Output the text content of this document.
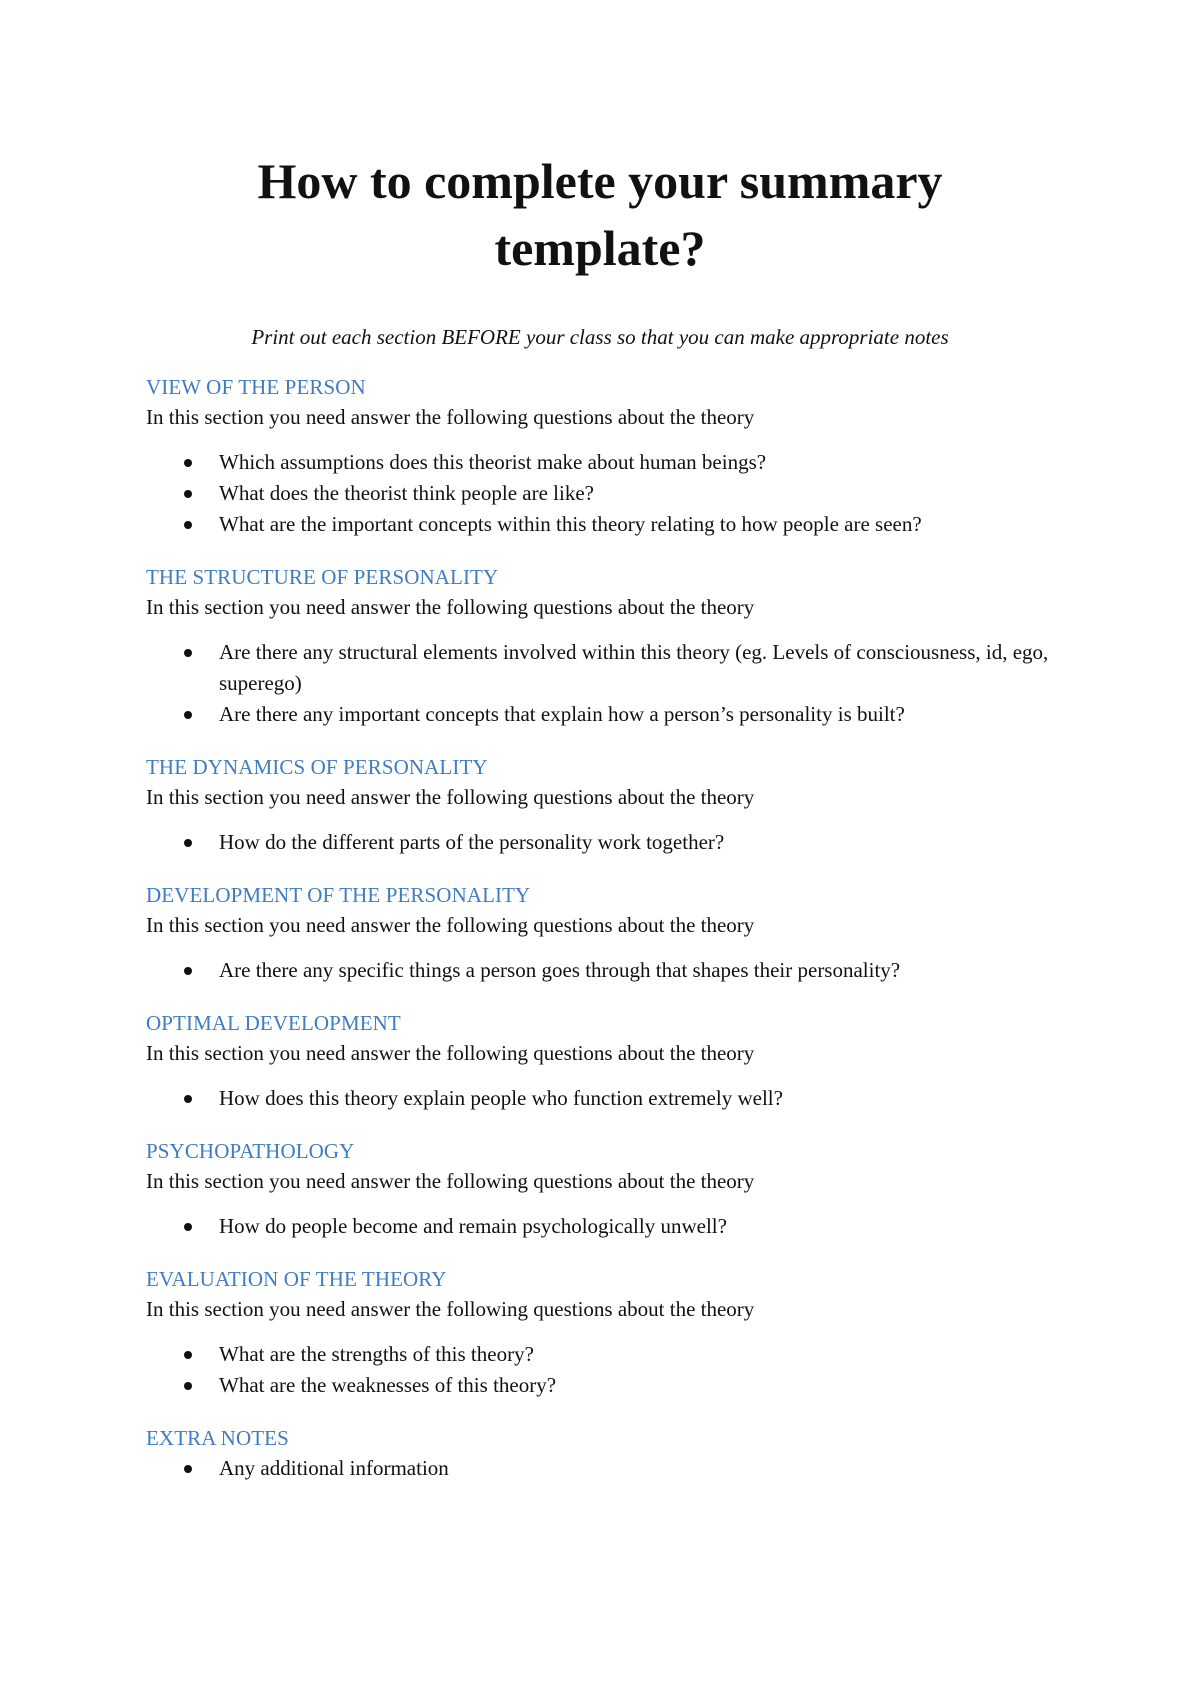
How to complete your summary
template?

Print out each section BEFORE your class so that you can make appropriate notes

VIEW OF THE PERSON

In this section you need answer the following questions about the theory

Which assumptions does this theorist make about human beings?
What does the theorist think people are like?
What are the important concepts within this theory relating to how people are seen?

THE STRUCTURE OF PERSONALITY

In this section you need answer the following questions about the theory

Are there any structural elements involved within this theory (eg. Levels of consciousness, id, ego, superego)
Are there any important concepts that explain how a person’s personality is built?

THE DYNAMICS OF PERSONALITY

In this section you need answer the following questions about the theory

How do the different parts of the personality work together?

DEVELOPMENT OF THE PERSONALITY

In this section you need answer the following questions about the theory

Are there any specific things a person goes through that shapes their personality?

OPTIMAL DEVELOPMENT

In this section you need answer the following questions about the theory

How does this theory explain people who function extremely well?

PSYCHOPATHOLOGY

In this section you need answer the following questions about the theory

How do people become and remain psychologically unwell?

EVALUATION OF THE THEORY

In this section you need answer the following questions about the theory

What are the strengths of this theory?
What are the weaknesses of this theory?

EXTRA NOTES

Any additional information
